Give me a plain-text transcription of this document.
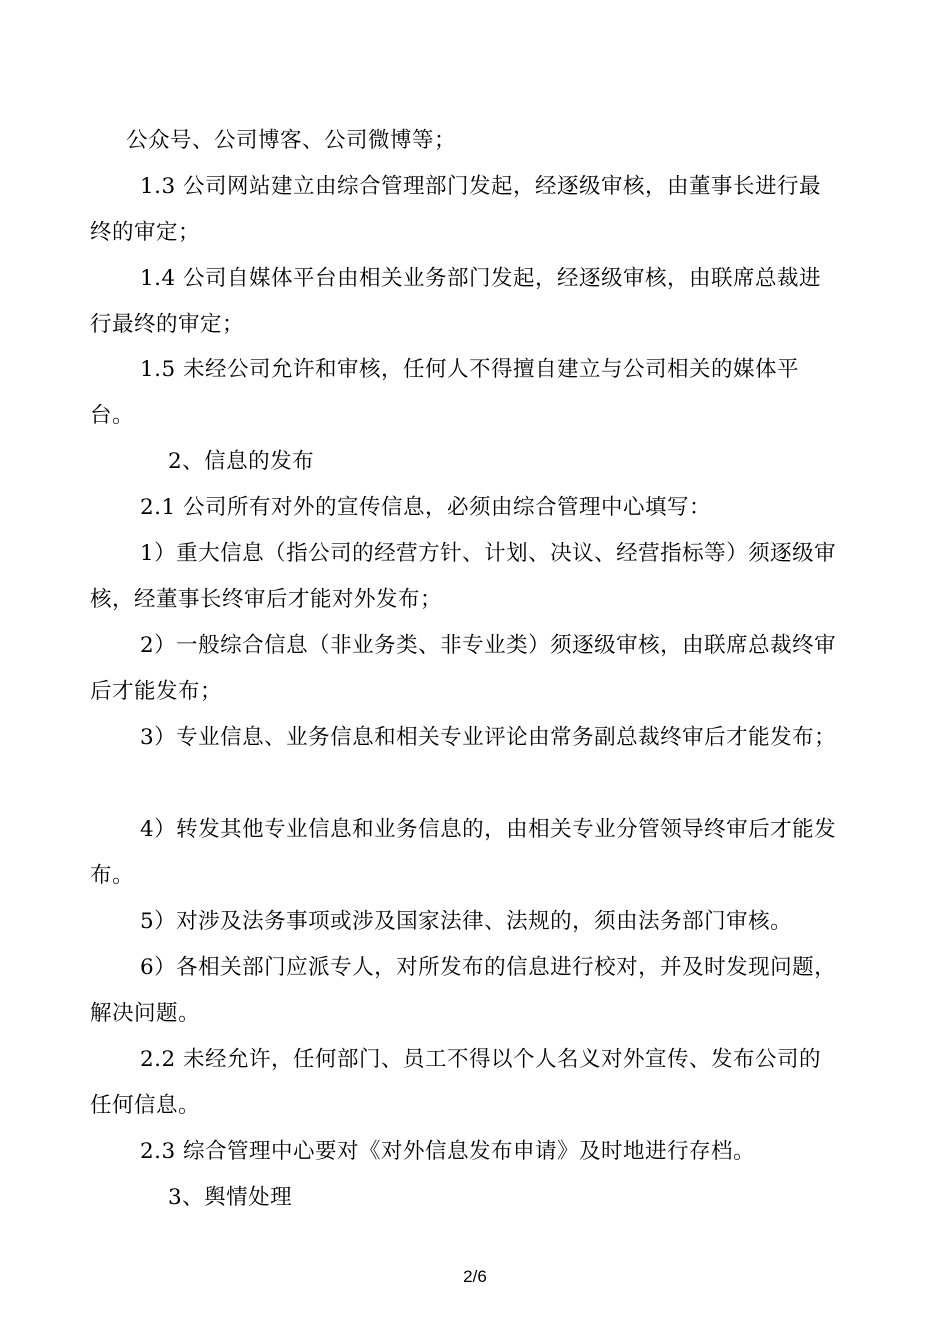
公众号、公司博客、公司微博等；

1.3 公司网站建立由综合管理部门发起，经逐级审核，由董事长进行最终的审定；

1.4 公司自媒体平台由相关业务部门发起，经逐级审核，由联席总裁进行最终的审定；

1.5 未经公司允许和审核，任何人不得擅自建立与公司相关的媒体平台。

2、信息的发布

2.1 公司所有对外的宣传信息，必须由综合管理中心填写：

1）重大信息（指公司的经营方针、计划、决议、经营指标等）须逐级审核，经董事长终审后才能对外发布；

2）一般综合信息（非业务类、非专业类）须逐级审核，由联席总裁终审后才能发布；

3）专业信息、业务信息和相关专业评论由常务副总裁终审后才能发布；

4）转发其他专业信息和业务信息的，由相关专业分管领导终审后才能发布。

5）对涉及法务事项或涉及国家法律、法规的，须由法务部门审核。

6）各相关部门应派专人，对所发布的信息进行校对，并及时发现问题，解决问题。

2.2 未经允许，任何部门、员工不得以个人名义对外宣传、发布公司的任何信息。

2.3 综合管理中心要对《对外信息发布申请》及时地进行存档。

3、舆情处理

2/6
